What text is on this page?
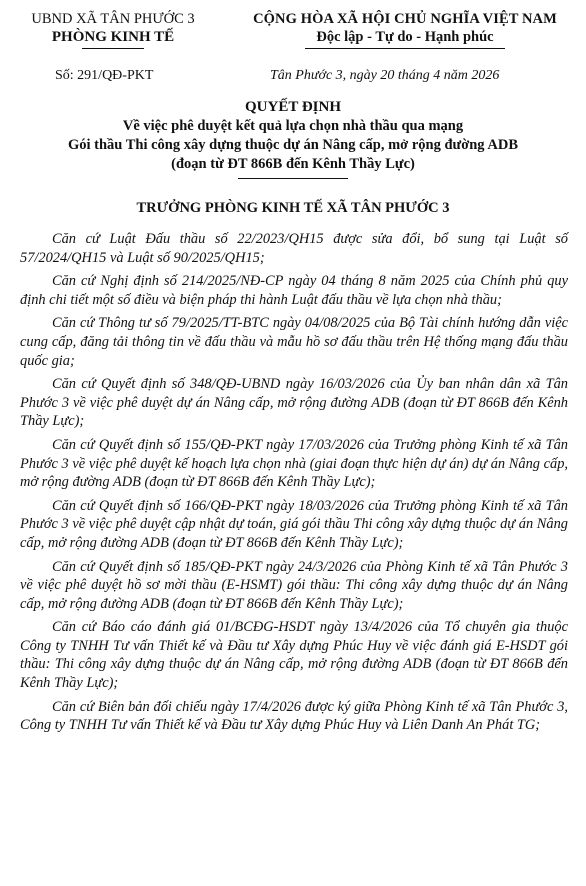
UBND XÃ TÂN PHƯỚC 3
PHÒNG KINH TẾ
CỘNG HÒA XÃ HỘI CHỦ NGHĨA VIỆT NAM
Độc lập - Tự do - Hạnh phúc
Số: 291/QĐ-PKT	Tân Phước 3, ngày 20 tháng 4 năm 2026
QUYẾT ĐỊNH
Về việc phê duyệt kết quả lựa chọn nhà thầu qua mạng
Gói thầu Thi công xây dựng thuộc dự án Nâng cấp, mở rộng đường ADB
(đoạn từ ĐT 866B đến Kênh Thầy Lực)
TRƯỞNG PHÒNG KINH TẾ XÃ TÂN PHƯỚC 3

Căn cứ Luật Đấu thầu số 22/2023/QH15 được sửa đổi, bổ sung tại Luật số 57/2024/QH15 và Luật số 90/2025/QH15;

Căn cứ Nghị định số 214/2025/NĐ-CP ngày 04 tháng 8 năm 2025 của Chính phủ quy định chi tiết một số điều và biện pháp thi hành Luật đấu thầu về lựa chọn nhà thầu;

Căn cứ Thông tư số 79/2025/TT-BTC ngày 04/08/2025 của Bộ Tài chính hướng dẫn việc cung cấp, đăng tải thông tin về đấu thầu và mẫu hồ sơ đấu thầu trên Hệ thống mạng đấu thầu quốc gia;

Căn cứ Quyết định số 348/QĐ-UBND ngày 16/03/2026 của Ủy ban nhân dân xã Tân Phước 3 về việc phê duyệt dự án Nâng cấp, mở rộng đường ADB (đoạn từ ĐT 866B đến Kênh Thầy Lực);

Căn cứ Quyết định số 155/QĐ-PKT ngày 17/03/2026 của Trưởng phòng Kinh tế xã Tân Phước 3 về việc phê duyệt kế hoạch lựa chọn nhà (giai đoạn thực hiện dự án) dự án Nâng cấp, mở rộng đường ADB (đoạn từ ĐT 866B đến Kênh Thầy Lực);

Căn cứ Quyết định số 166/QĐ-PKT ngày 18/03/2026 của Trưởng phòng Kinh tế xã Tân Phước 3 về việc phê duyệt cập nhật dự toán, giá gói thầu Thi công xây dựng thuộc dự án Nâng cấp, mở rộng đường ADB (đoạn từ ĐT 866B đến Kênh Thầy Lực);

Căn cứ Quyết định số 185/QĐ-PKT ngày 24/3/2026 của Phòng Kinh tế xã Tân Phước 3 về việc phê duyệt hồ sơ mời thầu (E-HSMT) gói thầu: Thi công xây dựng thuộc dự án Nâng cấp, mở rộng đường ADB (đoạn từ ĐT 866B đến Kênh Thầy Lực);

Căn cứ Báo cáo đánh giá 01/BCĐG-HSDT ngày 13/4/2026 của Tổ chuyên gia thuộc Công ty TNHH Tư vấn Thiết kế và Đầu tư Xây dựng Phúc Huy về việc đánh giá E-HSDT gói thầu: Thi công xây dựng thuộc dự án Nâng cấp, mở rộng đường ADB (đoạn từ ĐT 866B đến Kênh Thầy Lực);

Căn cứ Biên bản đối chiếu ngày 17/4/2026 được ký giữa Phòng Kinh tế xã Tân Phước 3, Công ty TNHH Tư vấn Thiết kế và Đầu tư Xây dựng Phúc Huy và Liên Danh An Phát TG;
